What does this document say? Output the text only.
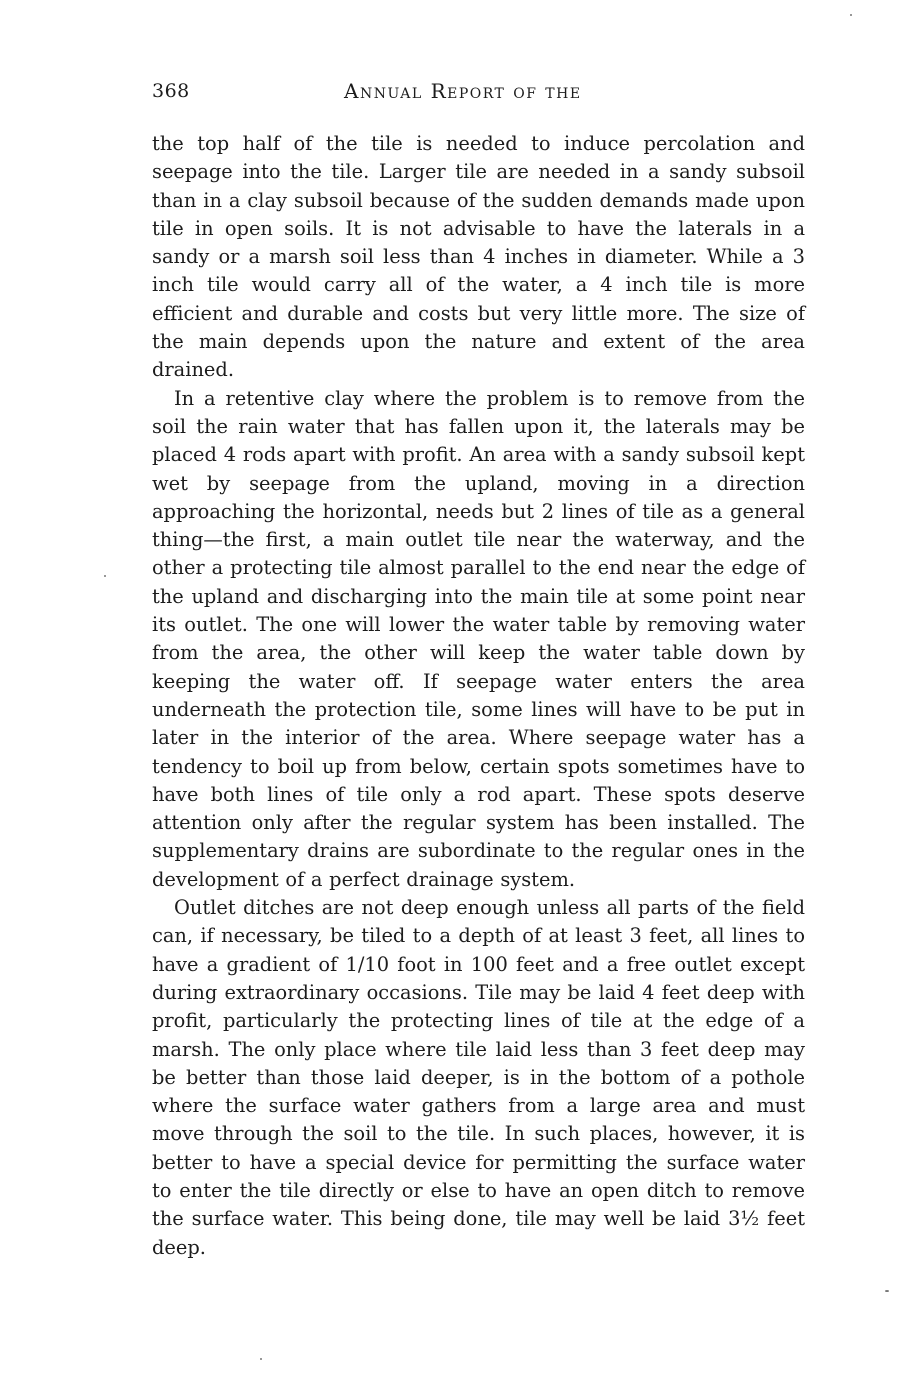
368	Annual Report of the

the top half of the tile is needed to induce percolation and seepage into the tile. Larger tile are needed in a sandy subsoil than in a clay subsoil because of the sudden demands made upon tile in open soils. It is not advisable to have the laterals in a sandy or a marsh soil less than 4 inches in diameter. While a 3 inch tile would carry all of the water, a 4 inch tile is more efficient and durable and costs but very little more. The size of the main depends upon the nature and extent of the area drained.

In a retentive clay where the problem is to remove from the soil the rain water that has fallen upon it, the laterals may be placed 4 rods apart with profit. An area with a sandy subsoil kept wet by seepage from the upland, moving in a direction approaching the horizontal, needs but 2 lines of tile as a general thing—the first, a main outlet tile near the waterway, and the other a protecting tile almost parallel to the end near the edge of the upland and discharging into the main tile at some point near its outlet. The one will lower the water table by removing water from the area, the other will keep the water table down by keeping the water off. If seepage water enters the area underneath the protection tile, some lines will have to be put in later in the interior of the area. Where seepage water has a tendency to boil up from below, certain spots sometimes have to have both lines of tile only a rod apart. These spots deserve attention only after the regular system has been installed. The supplementary drains are subordinate to the regular ones in the development of a perfect drainage system.

Outlet ditches are not deep enough unless all parts of the field can, if necessary, be tiled to a depth of at least 3 feet, all lines to have a gradient of 1/10 foot in 100 feet and a free outlet except during extraordinary occasions. Tile may be laid 4 feet deep with profit, particularly the protecting lines of tile at the edge of a marsh. The only place where tile laid less than 3 feet deep may be better than those laid deeper, is in the bottom of a pothole where the surface water gathers from a large area and must move through the soil to the tile. In such places, however, it is better to have a special device for permitting the surface water to enter the tile directly or else to have an open ditch to remove the surface water. This being done, tile may well be laid 3½ feet deep.
